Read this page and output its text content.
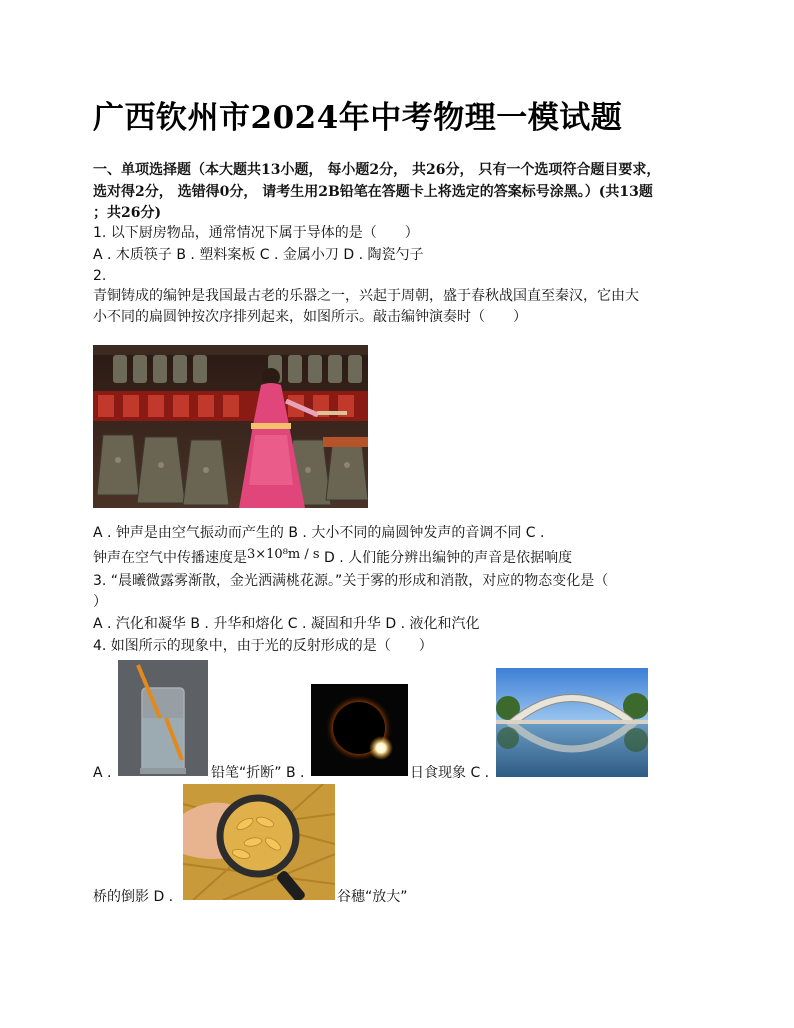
广西钦州市2024年中考物理一模试题
一、单项选择题（本大题共13小题， 每小题2分， 共26分， 只有一个选项符合题目要求，
选对得2分， 选错得0分， 请考生用2B铅笔在答题卡上将选定的答案标号涂黑。）(共13题
；共26分)
1. 以下厨房物品，通常情况下属于导体的是（　　）
A . 木质筷子 B . 塑料案板 C . 金属小刀 D . 陶瓷勺子
2.
青铜铸成的编钟是我国最古老的乐器之一，兴起于周朝，盛于春秋战国直至秦汉，它由大
小不同的扁圆钟按次序排列起来，如图所示。敲击编钟演奏时（　　）
A . 钟声是由空气振动而产生的 B . 大小不同的扁圆钟发声的音调不同 C .
钟声在空气中传播速度是3×10⁸m / s D . 人们能分辨出编钟的声音是依据响度
3. “晨曦微露雾渐散，金光洒满桃花源。”关于雾的形成和消散，对应的物态变化是（
）
A . 汽化和凝华 B . 升华和熔化 C . 凝固和升华 D . 液化和汽化
4. 如图所示的现象中，由于光的反射形成的是（　　）
A .	铅笔“折断” B .	日食现象 C .
桥的倒影 D .	谷穗“放大”
